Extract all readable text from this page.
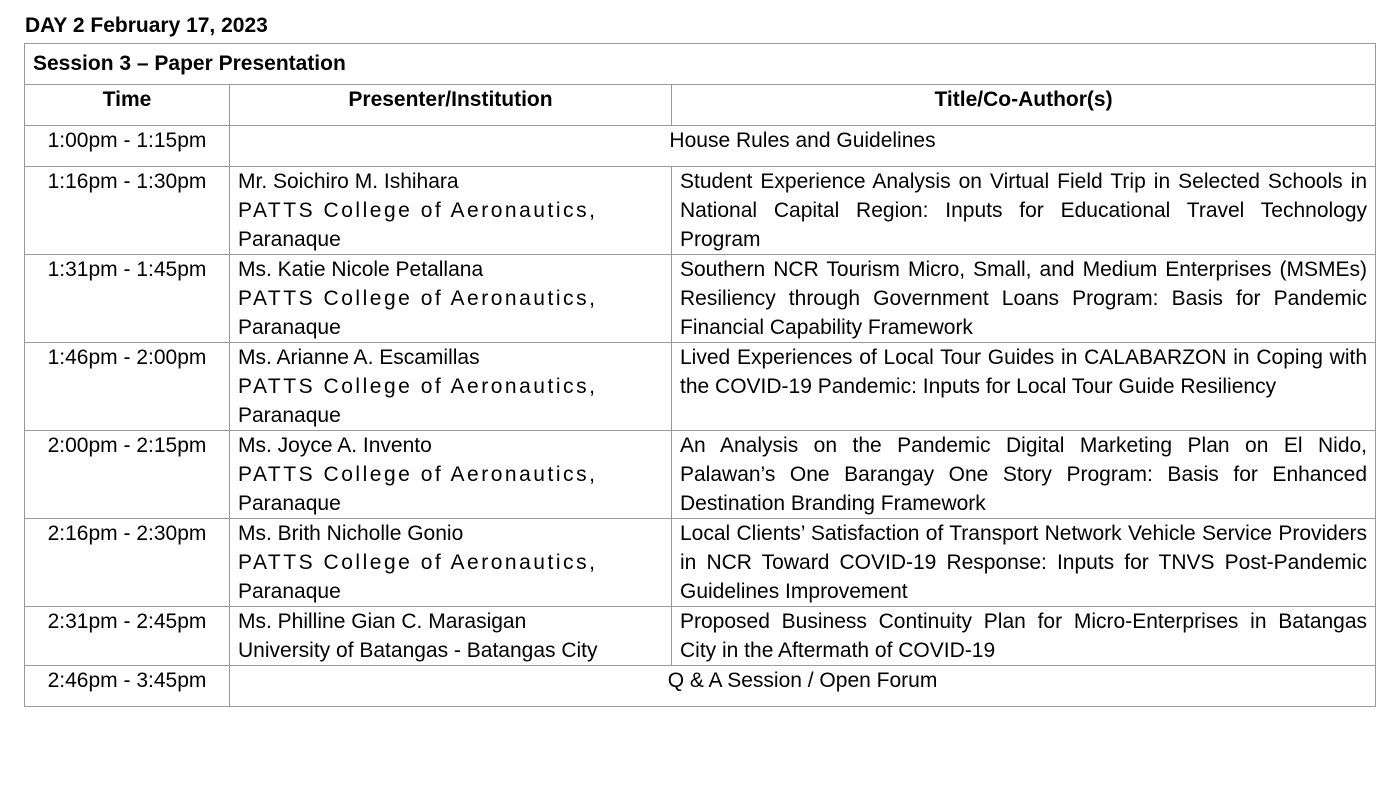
DAY 2 February 17, 2023
Session 3 – Paper Presentation		
Time	Presenter/Institution	Title/Co-Author(s)
1:00pm - 1:15pm	House Rules and Guidelines	
1:16pm - 1:30pm	Mr. Soichiro M. Ishihara
PATTS College of Aeronautics,
Paranaque	Student Experience Analysis on Virtual Field Trip in Selected Schools in National Capital Region: Inputs for Educational Travel Technology Program
1:31pm - 1:45pm	Ms. Katie Nicole Petallana
PATTS College of Aeronautics,
Paranaque	Southern NCR Tourism Micro, Small, and Medium Enterprises (MSMEs) Resiliency through Government Loans Program: Basis for Pandemic Financial Capability Framework
1:46pm - 2:00pm	Ms. Arianne A. Escamillas
PATTS College of Aeronautics,
Paranaque	Lived Experiences of Local Tour Guides in CALABARZON in Coping with the COVID-19 Pandemic: Inputs for Local Tour Guide Resiliency
2:00pm - 2:15pm	Ms. Joyce A. Invento
PATTS College of Aeronautics,
Paranaque	An Analysis on the Pandemic Digital Marketing Plan on El Nido, Palawan’s One Barangay One Story Program: Basis for Enhanced Destination Branding Framework
2:16pm - 2:30pm	Ms. Brith Nicholle Gonio
PATTS College of Aeronautics,
Paranaque	Local Clients’ Satisfaction of Transport Network Vehicle Service Providers in NCR Toward COVID-19 Response: Inputs for TNVS Post-Pandemic Guidelines Improvement
2:31pm - 2:45pm	Ms. Philline Gian C. Marasigan
University of Batangas - Batangas City	Proposed Business Continuity Plan for Micro-Enterprises in Batangas City in the Aftermath of COVID-19
2:46pm - 3:45pm	Q & A Session / Open Forum	
